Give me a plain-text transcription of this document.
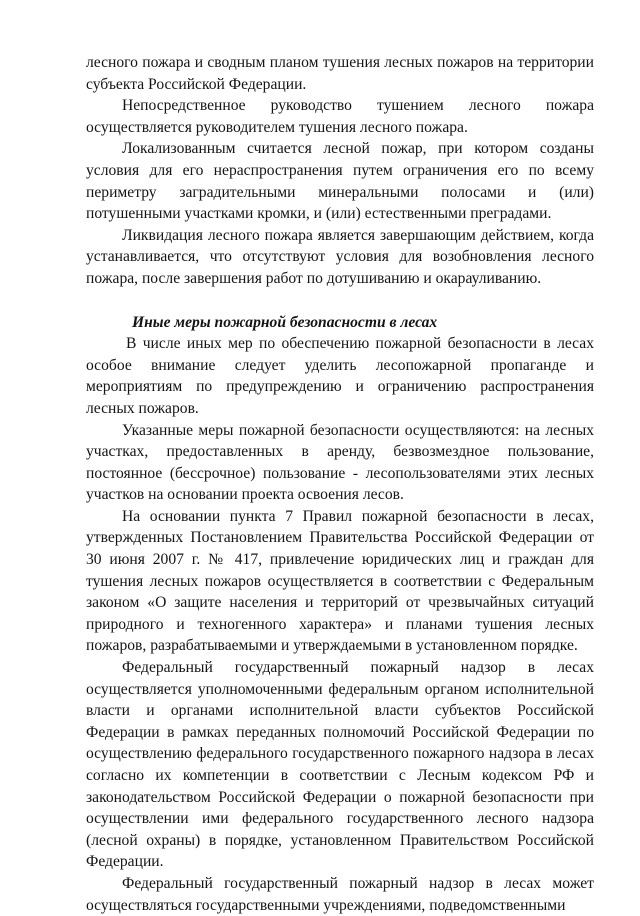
лесного пожара и сводным планом тушения лесных пожаров на территории субъекта Российской Федерации.

Непосредственное руководство тушением лесного пожара осуществляется руководителем тушения лесного пожара.

Локализованным считается лесной пожар, при котором созданы условия для его нераспространения путем ограничения его по всему периметру заградительными минеральными полосами и (или) потушенными участками кромки, и (или) естественными преградами.

Ликвидация лесного пожара является завершающим действием, когда устанавливается, что отсутствуют условия для возобновления лесного пожара, после завершения работ по дотушиванию и окарауливанию.

Иные меры пожарной безопасности в лесах

В числе иных мер по обеспечению пожарной безопасности в лесах особое внимание следует уделить лесопожарной пропаганде и мероприятиям по предупреждению и ограничению распространения лесных пожаров.

Указанные меры пожарной безопасности осуществляются: на лесных участках, предоставленных в аренду, безвозмездное пользование, постоянное (бессрочное) пользование - лесопользователями этих лесных участков на основании проекта освоения лесов.

На основании пункта 7 Правил пожарной безопасности в лесах, утвержденных Постановлением Правительства Российской Федерации от 30 июня 2007 г. № 417, привлечение юридических лиц и граждан для тушения лесных пожаров осуществляется в соответствии с Федеральным законом «О защите населения и территорий от чрезвычайных ситуаций природного и техногенного характера» и планами тушения лесных пожаров, разрабатываемыми и утверждаемыми в установленном порядке.

Федеральный государственный пожарный надзор в лесах осуществляется уполномоченными федеральным органом исполнительной власти и органами исполнительной власти субъектов Российской Федерации в рамках переданных полномочий Российской Федерации по осуществлению федерального государственного пожарного надзора в лесах согласно их компетенции в соответствии с Лесным кодексом РФ и законодательством Российской Федерации о пожарной безопасности при осуществлении ими федерального государственного лесного надзора (лесной охраны) в порядке, установленном Правительством Российской Федерации.

Федеральный государственный пожарный надзор в лесах может осуществляться государственными учреждениями, подведомственными
